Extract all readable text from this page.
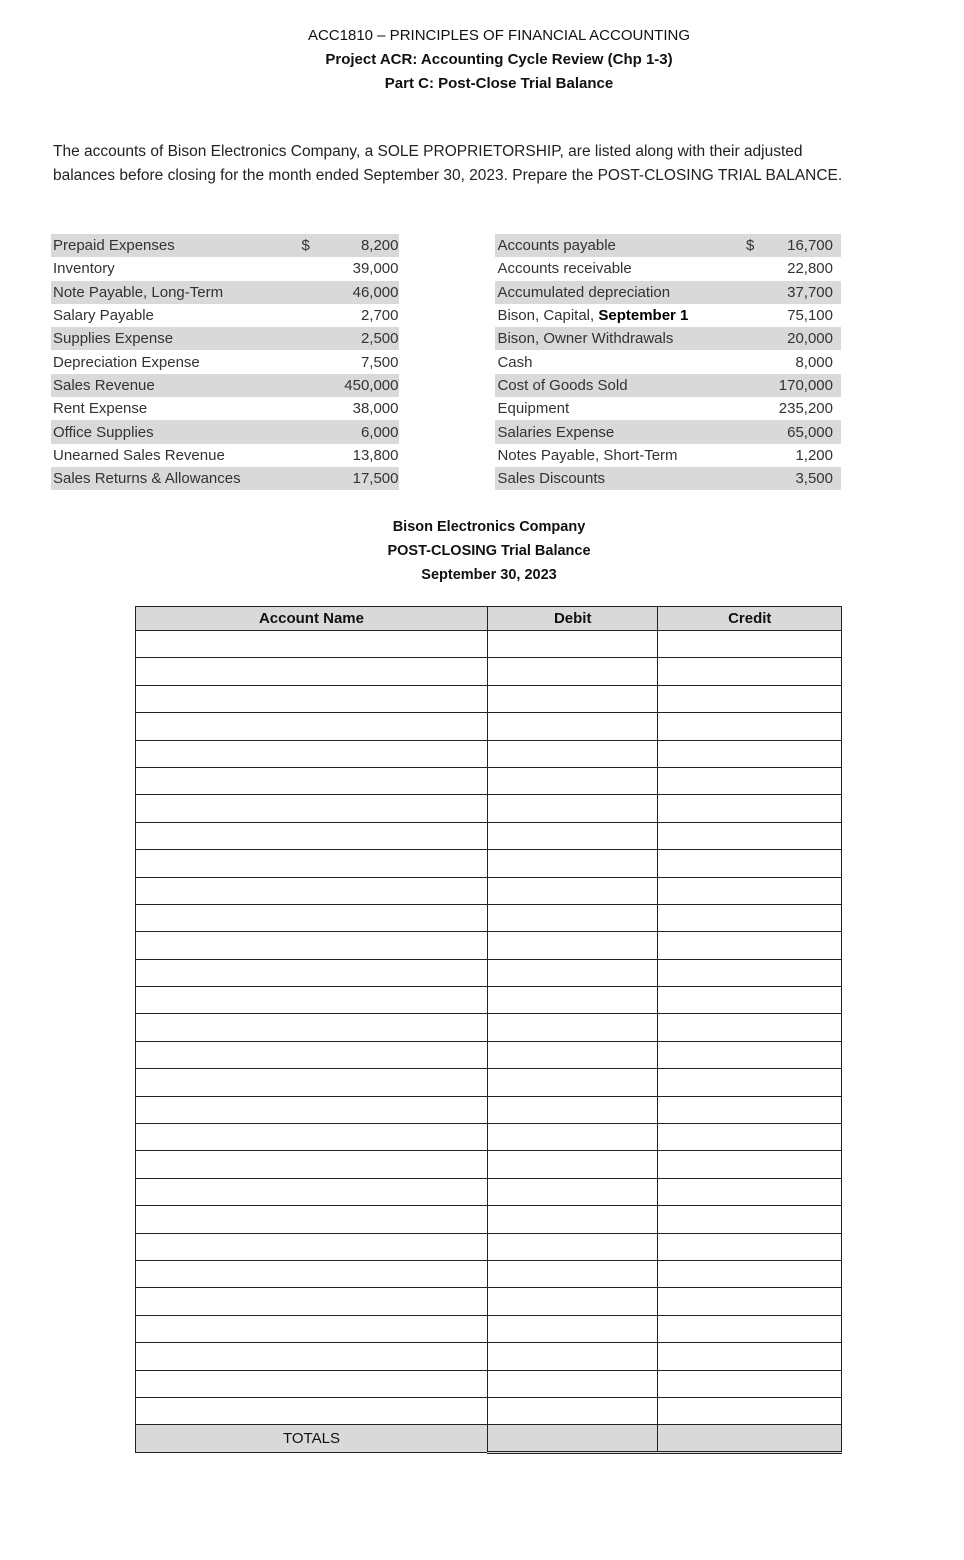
ACC1810 – PRINCIPLES OF FINANCIAL ACCOUNTING
Project ACR: Accounting Cycle Review (Chp 1-3)
Part C: Post-Close Trial Balance
The accounts of Bison Electronics Company, a SOLE PROPRIETORSHIP, are listed along with their adjusted
balances before closing for the month ended September 30, 2023. Prepare the POST-CLOSING TRIAL BALANCE.
Prepaid Expenses	$	8,200		Accounts payable	$	16,700
Inventory		39,000		Accounts receivable		22,800
Note Payable, Long-Term		46,000		Accumulated depreciation		37,700
Salary Payable		2,700		Bison, Capital, September 1		75,100
Supplies Expense		2,500		Bison, Owner Withdrawals		20,000
Depreciation Expense		7,500		Cash		8,000
Sales Revenue		450,000		Cost of Goods Sold		170,000
Rent Expense		38,000		Equipment		235,200
Office Supplies		6,000		Salaries Expense		65,000
Unearned Sales Revenue		13,800		Notes Payable, Short-Term		1,200
Sales Returns & Allowances		17,500		Sales Discounts		3,500
Bison Electronics Company
POST-CLOSING Trial Balance
September 30, 2023
Account Name	Debit	Credit

TOTALS		
